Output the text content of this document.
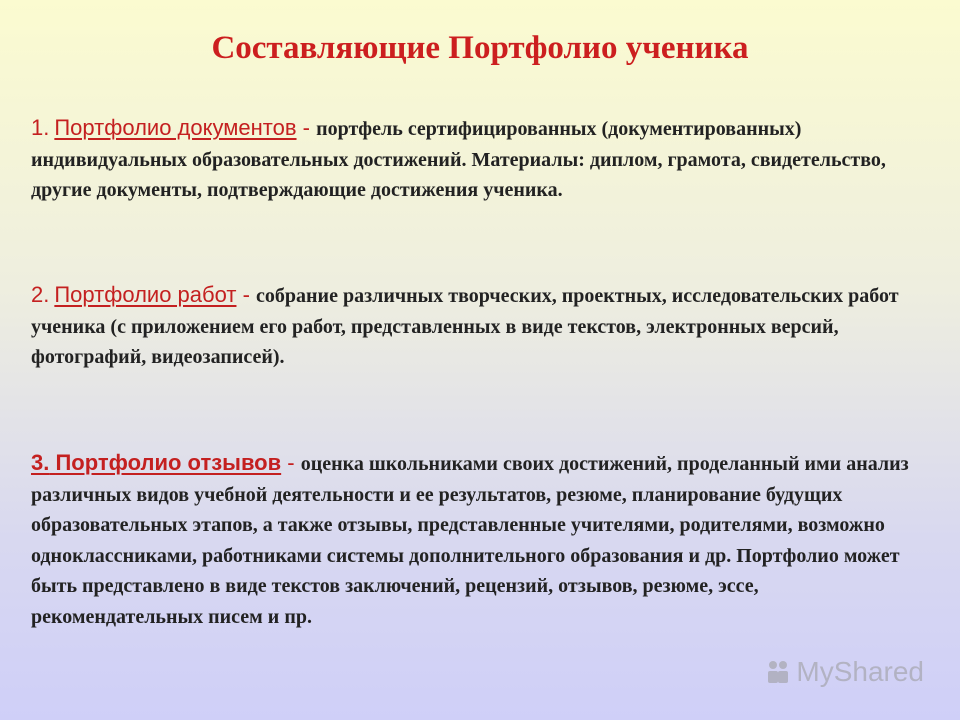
Составляющие Портфолио ученика
1. Портфолио документов - портфель сертифицированных (документированных) индивидуальных образовательных достижений. Материалы: диплом, грамота, свидетельство, другие документы, подтверждающие достижения ученика.
2. Портфолио работ - собрание различных творческих, проектных, исследовательских работ ученика (с приложением его работ, представленных в виде текстов, электронных версий, фотографий, видеозаписей).
3. Портфолио отзывов - оценка школьниками своих достижений, проделанный ими анализ различных видов учебной деятельности и ее результатов, резюме, планирование будущих образовательных этапов, а также отзывы, представленные учителями, родителями, возможно одноклассниками, работниками системы дополнительного образования и др. Портфолио может быть представлено в виде текстов заключений, рецензий, отзывов, резюме, эссе, рекомендательных писем и пр.
MyShared
